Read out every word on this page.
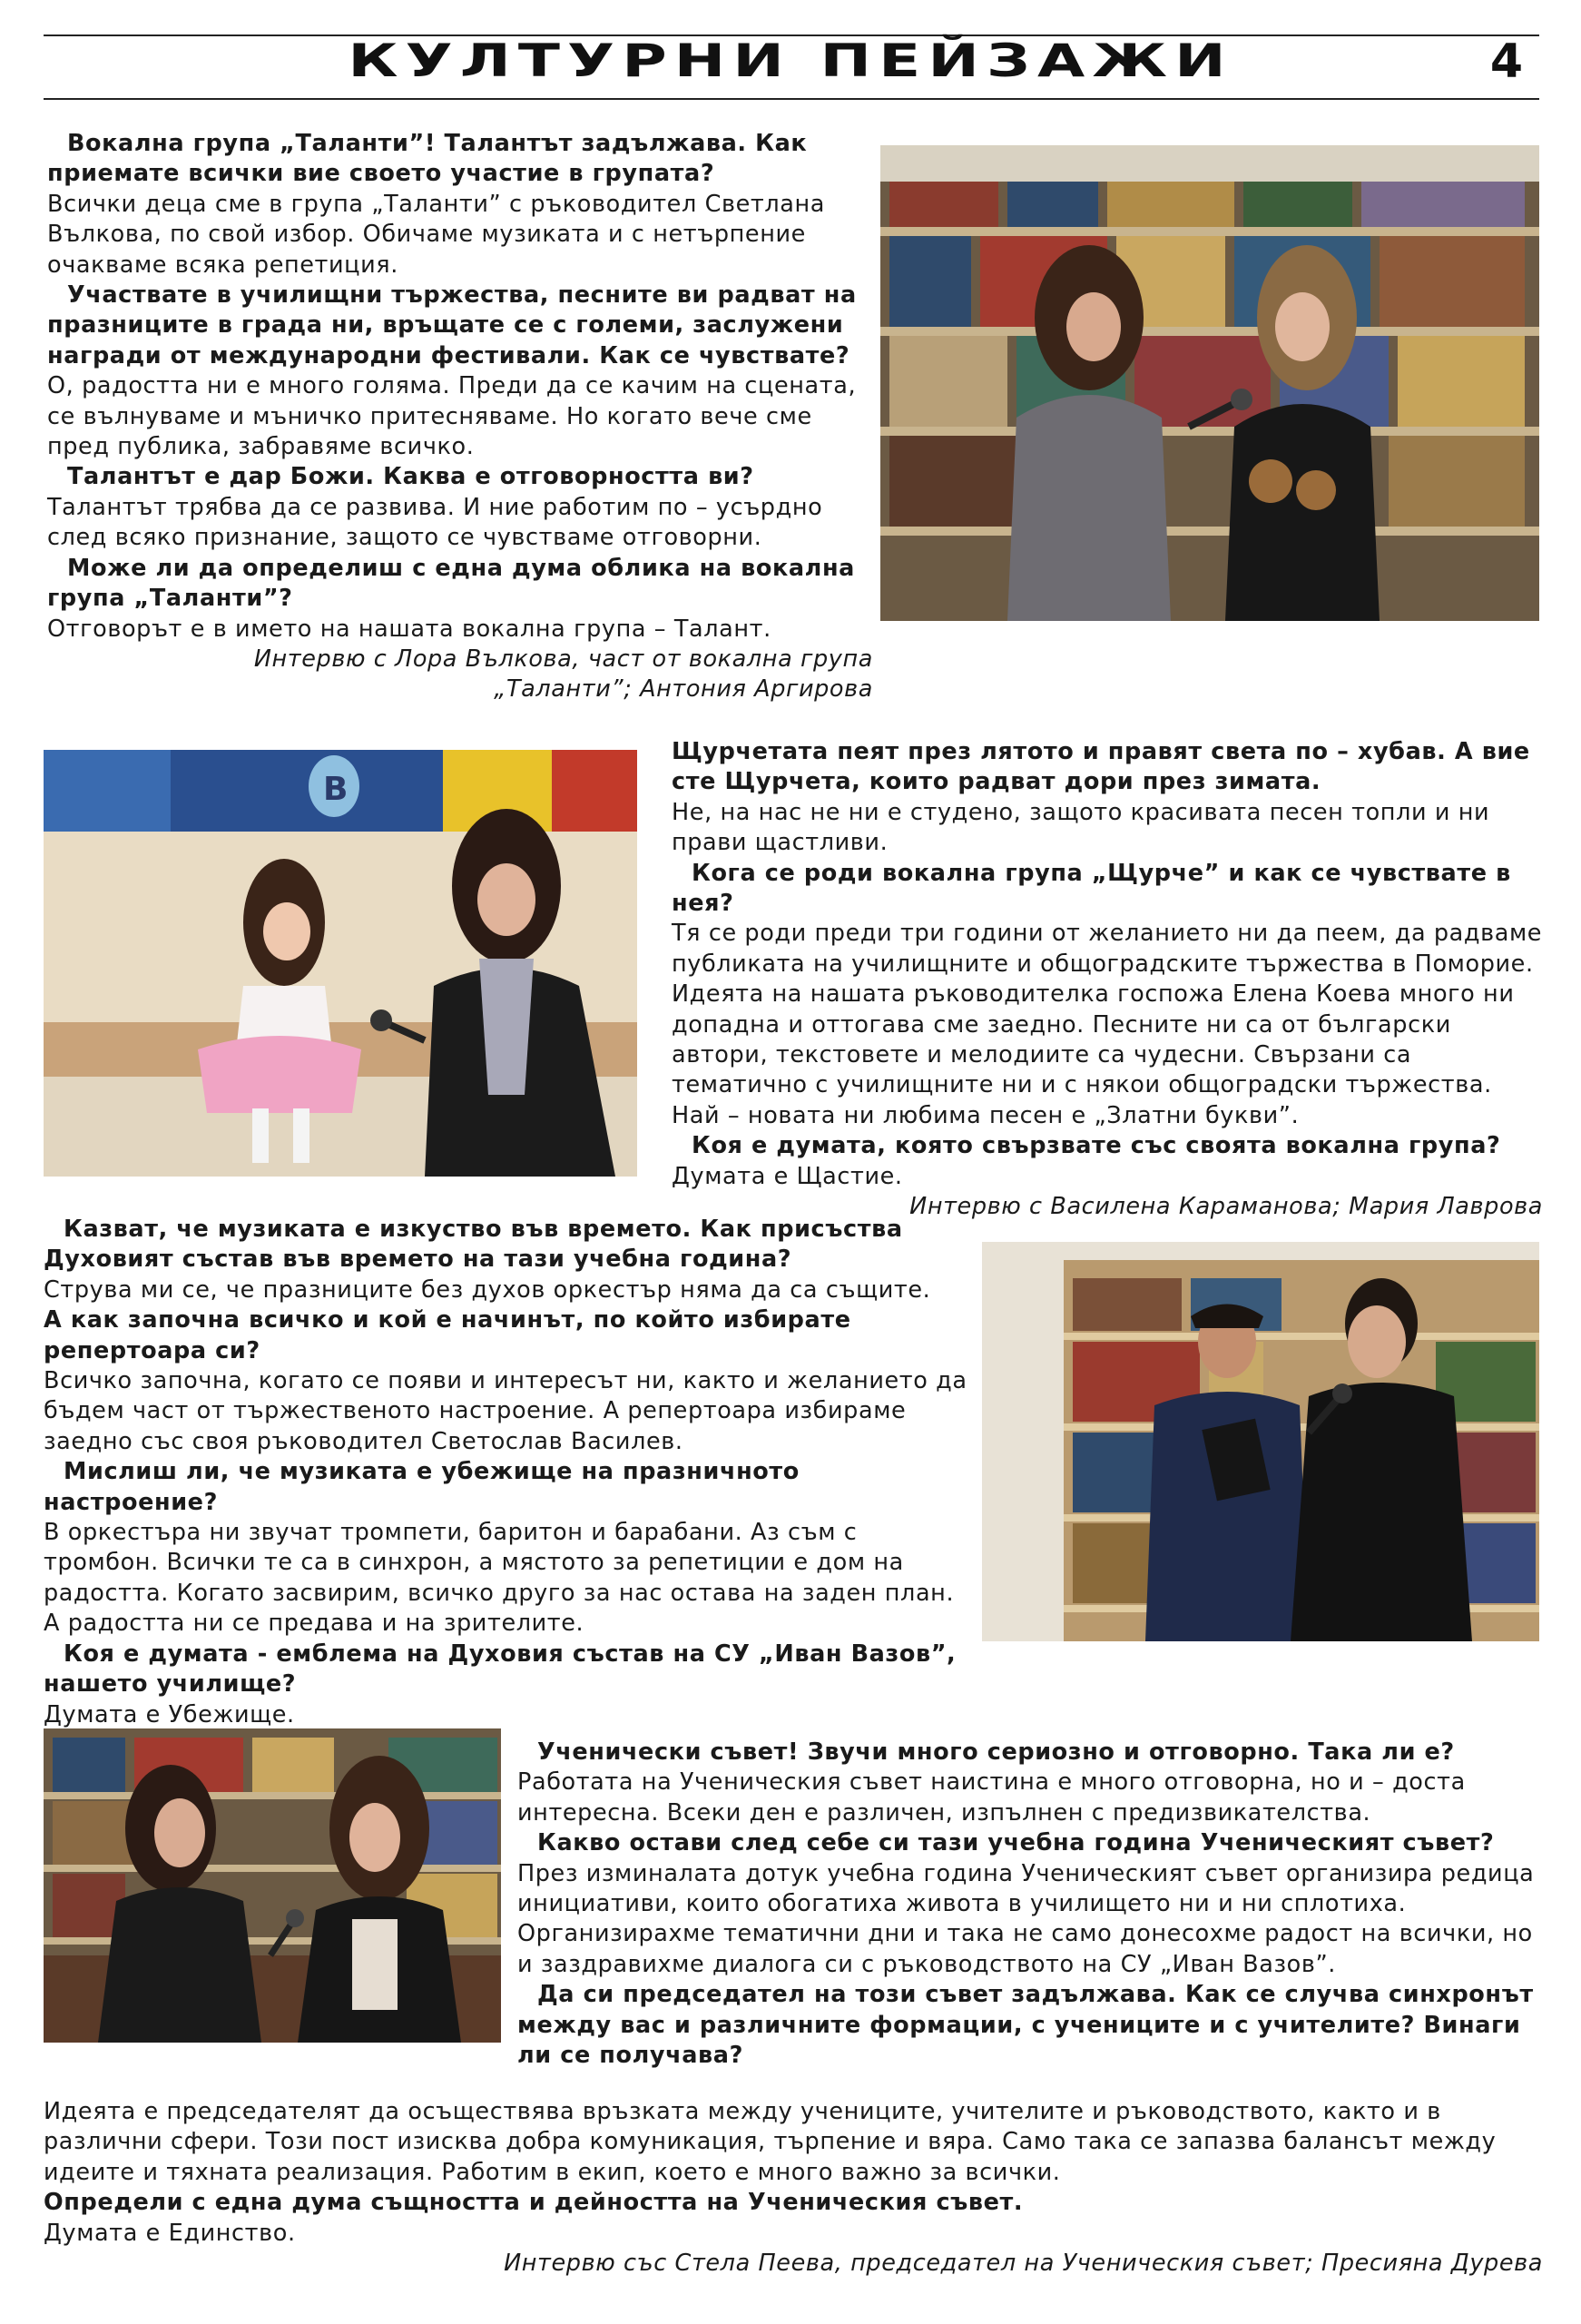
КУЛТУРНИ ПЕЙЗАЖИ	4

Вокална група „Таланти”! Талантът задължава. Как приемате всички вие своето участие в групата?

Всички деца сме в група „Таланти” с ръководител Светлана Вълкова, по свой избор. Обичаме музиката и с нетърпение очакваме всяка репетиция.

Участвате в училищни тържества, песните ви радват на празниците в града ни, връщате се с големи, заслужени награди от международни фестивали. Как се чувствате?

О, радостта ни е много голяма. Преди да се качим на сцената, се вълнуваме и мъничко притесняваме. Но когато вече сме пред публика, забравяме всичко.

Талантът е дар Божи. Каква е отговорността ви?

Талантът трябва да се развива. И ние работим по – усърдно след всяко признание, защото се чувстваме отговорни.

Може ли да определиш с една дума облика на вокална група „Таланти”?

Отговорът е в името на нашата вокална група – Талант.

Интервю с Лора Вълкова, част от вокална група

„Таланти”; Антония Аргирова

В

Щурчетата пеят през лятото и правят света по – хубав. А вие сте Щурчета, които радват дори през зимата.

Не, на нас не ни е студено, защото красивата песен топли и ни прави щастливи.

Кога се роди вокална група „Щурче” и как се чувствате в нея?

Тя се роди преди три години от желанието ни да пеем, да радваме публиката на училищните и общоградските тържества в Поморие. Идеята на нашата ръководителка госпожа Елена Коева много ни допадна и оттогава сме заедно. Песните ни са от български автори, текстовете и мелодиите са чудесни. Свързани са тематично с училищните ни и с някои общоградски тържества. Най – новата ни любима песен е „Златни букви”.

Коя е думата, която свързвате със своята вокална група?

Думата е Щастие.

Интервю с Василена Караманова; Мария Лаврова

Казват, че музиката е изкуство във времето. Как присъства Духовият състав във времето на тази учебна година?

Струва ми се, че празниците без духов оркестър няма да са същите.

А как започна всичко и кой е начинът, по който избирате репертоара си?

Всичко започна, когато се появи и интересът ни, както и желанието да бъдем част от тържественото настроение. А репертоара избираме заедно със своя ръководител Светослав Василев.

Мислиш ли, че музиката е убежище на празничното настроение?

В оркестъра ни звучат тромпети, баритон и барабани. Аз съм с тромбон. Всички те са в синхрон, а мястото за репетиции е дом на радостта. Когато засвирим, всичко друго за нас остава на заден план. А радостта ни се предава и на зрителите.

Коя е думата - емблема на Духовия състав на СУ „Иван Вазов”, нашето училище?

Думата е Убежище.

Ученически съвет! Звучи много сериозно и отговорно. Така ли е?

Работата на Ученическия съвет наистина е много отговорна, но и – доста интересна. Всеки ден е различен, изпълнен с предизвикателства.

Какво остави след себе си тази учебна година Ученическият съвет?

През изминалата дотук учебна година Ученическият съвет организира редица инициативи, които обогатиха живота в училището ни и ни сплотиха. Организирахме тематични дни и така не само донесохме радост на всички, но и заздравихме диалога си с ръководството на СУ „Иван Вазов”.

Да си председател на този съвет задължава. Как се случва синхронът между вас и различните формации, с учениците и с учителите? Винаги ли се получава?

Идеята е председателят да осъществява връзката между учениците, учителите и ръководството, както и в различни сфери. Този пост изисква добра комуникация, търпение и вяра. Само така се запазва балансът между идеите и тяхната реализация. Работим в екип, което е много важно за всички.

Определи с една дума същността и дейността на Ученическия съвет.

Думата е Единство.

Интервю със Стела Пеева, председател на Ученическия съвет; Пресияна Дурева
